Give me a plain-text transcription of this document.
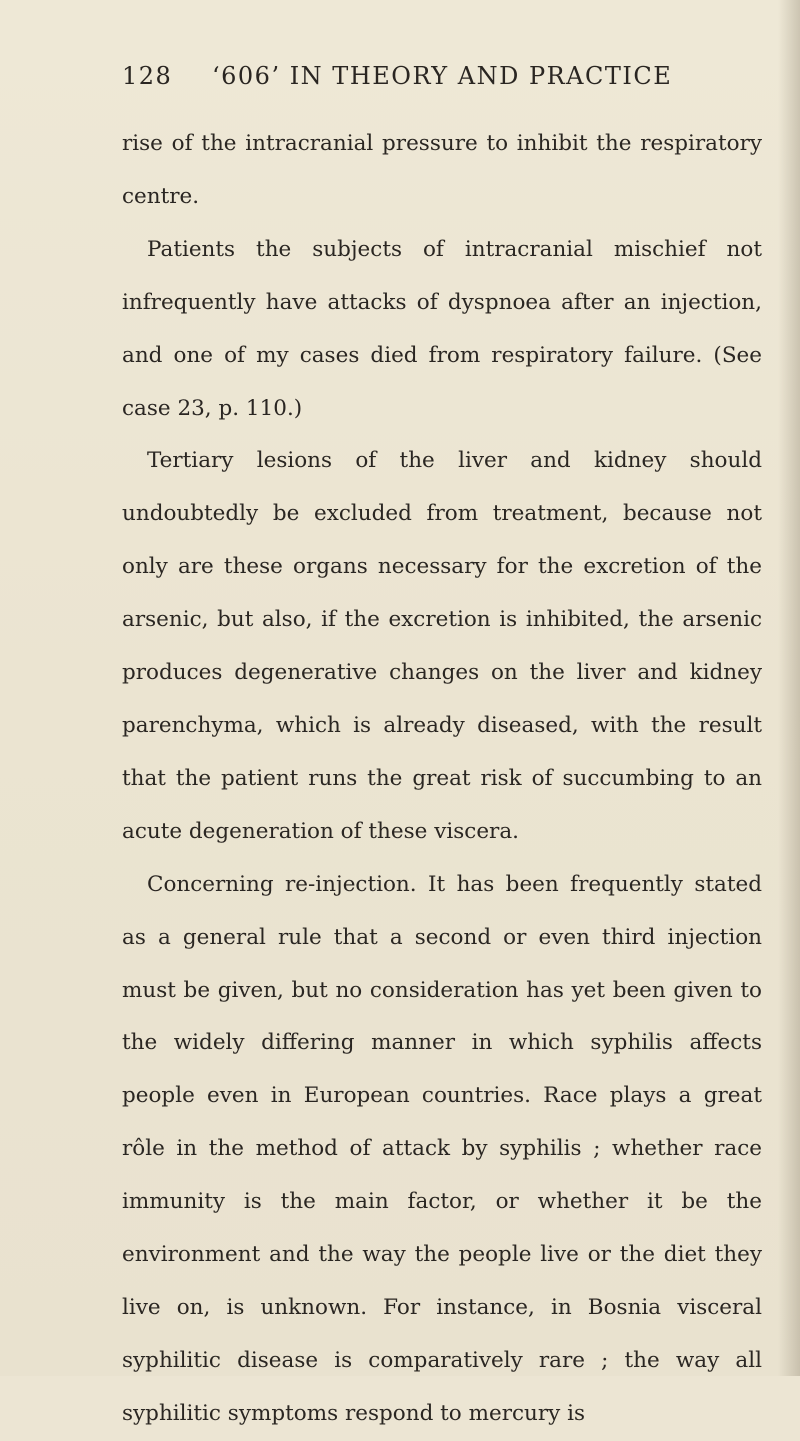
128 ‘606’ IN THEORY AND PRACTICE

rise of the intracranial pressure to inhibit the respiratory centre.

Patients the subjects of intracranial mischief not infrequently have attacks of dyspnoea after an injection, and one of my cases died from respiratory failure. (See case 23, p. 110.)

Tertiary lesions of the liver and kidney should undoubtedly be excluded from treatment, because not only are these organs necessary for the excretion of the arsenic, but also, if the excretion is inhibited, the arsenic produces degenerative changes on the liver and kidney parenchyma, which is already diseased, with the result that the patient runs the great risk of succumbing to an acute degeneration of these viscera.

Concerning re-injection. It has been frequently stated as a general rule that a second or even third injection must be given, but no consideration has yet been given to the widely differing manner in which syphilis affects people even in European countries. Race plays a great rôle in the method of attack by syphilis ; whether race immunity is the main factor, or whether it be the environment and the way the people live or the diet they live on, is unknown. For instance, in Bosnia visceral syphilitic disease is comparatively rare ; the way all syphilitic symptoms respond to mercury is
